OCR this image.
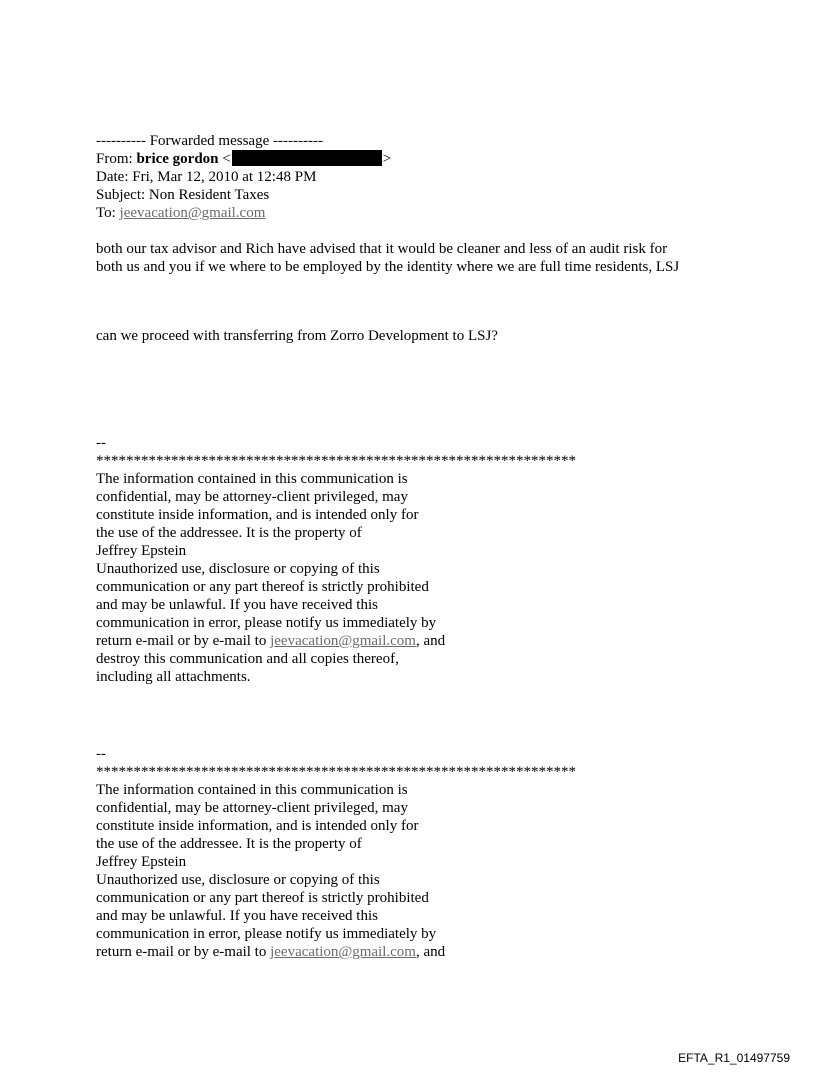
---------- Forwarded message ----------
From: brice gordon <	>
Date: Fri, Mar 12, 2010 at 12:48 PM
Subject: Non Resident Taxes
To: jeevacation@gmail.com
both our tax advisor and Rich have advised that it would be cleaner and less of an audit risk for
both us and you if we where to be employed by the identity where we are full time residents, LSJ
can we proceed with transferring from Zorro Development to LSJ?
--
****************************************************************
The information contained in this communication is
confidential, may be attorney-client privileged, may
constitute inside information, and is intended only for
the use of the addressee. It is the property of
Jeffrey Epstein
Unauthorized use, disclosure or copying of this
communication or any part thereof is strictly prohibited
and may be unlawful. If you have received this
communication in error, please notify us immediately by
return e-mail or by e-mail to jeevacation@gmail.com, and
destroy this communication and all copies thereof,
including all attachments.
--
****************************************************************
The information contained in this communication is
confidential, may be attorney-client privileged, may
constitute inside information, and is intended only for
the use of the addressee. It is the property of
Jeffrey Epstein
Unauthorized use, disclosure or copying of this
communication or any part thereof is strictly prohibited
and may be unlawful. If you have received this
communication in error, please notify us immediately by
return e-mail or by e-mail to jeevacation@gmail.com, and
EFTA_R1_01497759
